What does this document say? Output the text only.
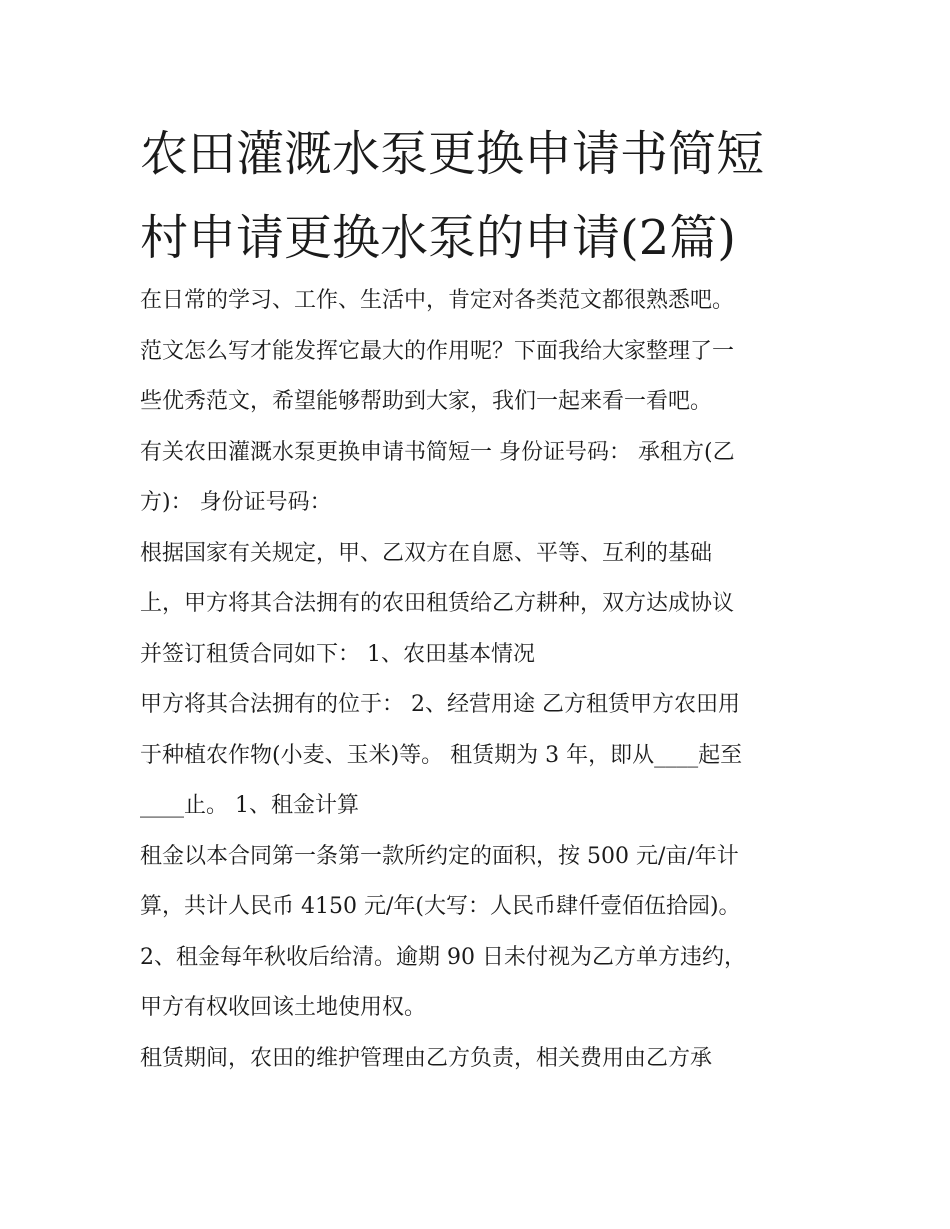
农田灌溉水泵更换申请书简短
村申请更换水泵的申请(2篇)

在日常的学习、工作、生活中，肯定对各类范文都很熟悉吧。
范文怎么写才能发挥它最大的作用呢？下面我给大家整理了一
些优秀范文，希望能够帮助到大家，我们一起来看一看吧。

有关农田灌溉水泵更换申请书简短一 身份证号码： 承租方(乙
方)： 身份证号码：

根据国家有关规定，甲、乙双方在自愿、平等、互利的基础
上，甲方将其合法拥有的农田租赁给乙方耕种，双方达成协议
并签订租赁合同如下： 1、农田基本情况

甲方将其合法拥有的位于： 2、经营用途 乙方租赁甲方农田用
于种植农作物(小麦、玉米)等。 租赁期为 3 年，即从____起至
____止。 1、租金计算

租金以本合同第一条第一款所约定的面积，按 500 元/亩/年计
算，共计人民币 4150 元/年(大写：人民币肆仟壹佰伍拾园)。
2、租金每年秋收后给清。逾期 90 日未付视为乙方单方违约，
甲方有权收回该土地使用权。

租赁期间，农田的维护管理由乙方负责，相关费用由乙方承
